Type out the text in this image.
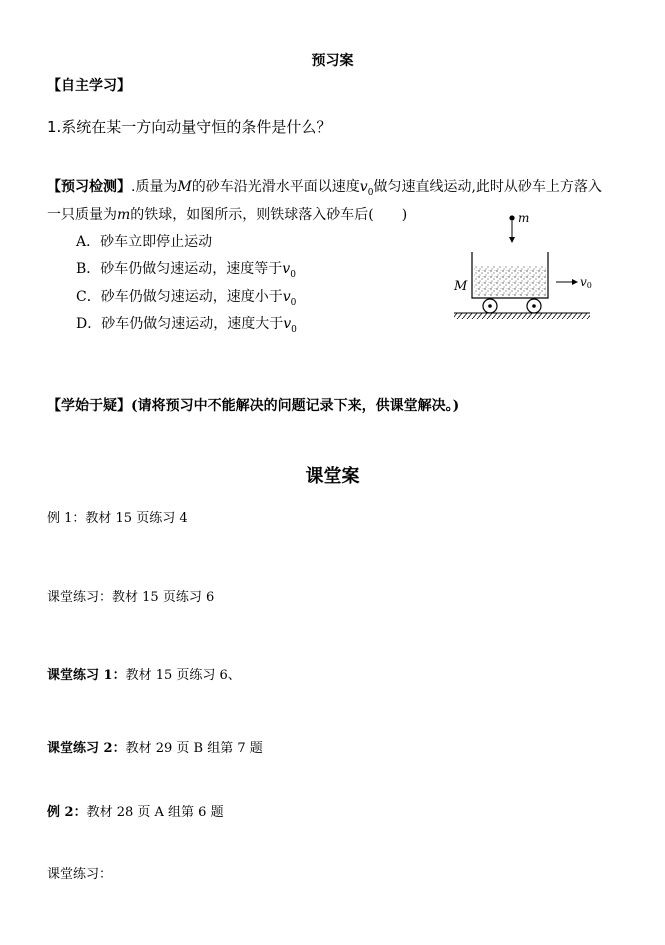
预习案
【自主学习】
1.系统在某一方向动量守恒的条件是什么？
【预习检测】.质量为M的砂车沿光滑水平面以速度$v_0$做匀速直线运动,此时从砂车上方落入
一只质量为m的铁球，如图所示，则铁球落入砂车后(　　)
A．砂车立即停止运动
B．砂车仍做匀速运动，速度等于$v_0$
C．砂车仍做匀速运动，速度小于$v_0$
D．砂车仍做匀速运动，速度大于$v_0$
m
M	v0
【学始于疑】(请将预习中不能解决的问题记录下来，供课堂解决。)
课堂案
例 1：教材 15 页练习 4
课堂练习：教材 15 页练习 6
课堂练习 1：教材 15 页练习 6、
课堂练习 2：教材 29 页 B 组第 7 题
例 2：教材 28 页 A 组第 6 题
课堂练习：
